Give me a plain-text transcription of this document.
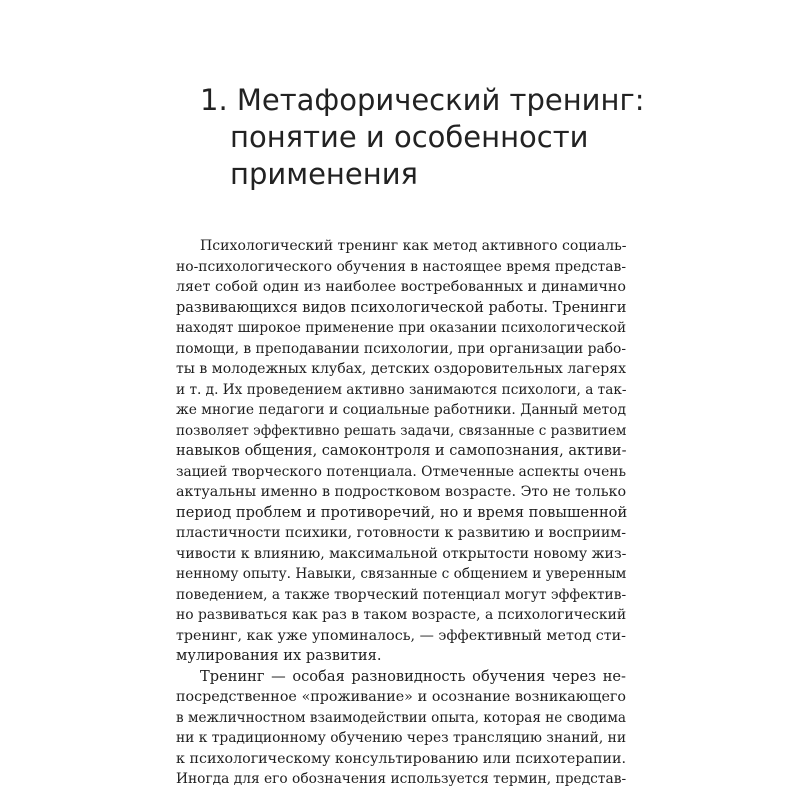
1. Метафорический тренинг:
понятие и особенности
применения
Психологический тренинг как метод активного социаль-
но-психологического обучения в настоящее время представ-
ляет собой один из наиболее востребованных и динамично
развивающихся видов психологической работы. Тренинги
находят широкое применение при оказании психологической
помощи, в преподавании психологии, при организации рабо-
ты в молодежных клубах, детских оздоровительных лагерях
и т. д. Их проведением активно занимаются психологи, а так-
же многие педагоги и социальные работники. Данный метод
позволяет эффективно решать задачи, связанные с развитием
навыков общения, самоконтроля и самопознания, активи-
зацией творческого потенциала. Отмеченные аспекты очень
актуальны именно в подростковом возрасте. Это не только
период проблем и противоречий, но и время повышенной
пластичности психики, готовности к развитию и восприим-
чивости к влиянию, максимальной открытости новому жиз-
ненному опыту. Навыки, связанные с общением и уверенным
поведением, а также творческий потенциал могут эффектив-
но развиваться как раз в таком возрасте, а психологический
тренинг, как уже упоминалось, — эффективный метод сти-
мулирования их развития.
Тренинг — особая разновидность обучения через не-
посредственное «проживание» и осознание возникающего
в межличностном взаимодействии опыта, которая не сводима
ни к традиционному обучению через трансляцию знаний, ни
к психологическому консультированию или психотерапии.
Иногда для его обозначения используется термин, представ-
